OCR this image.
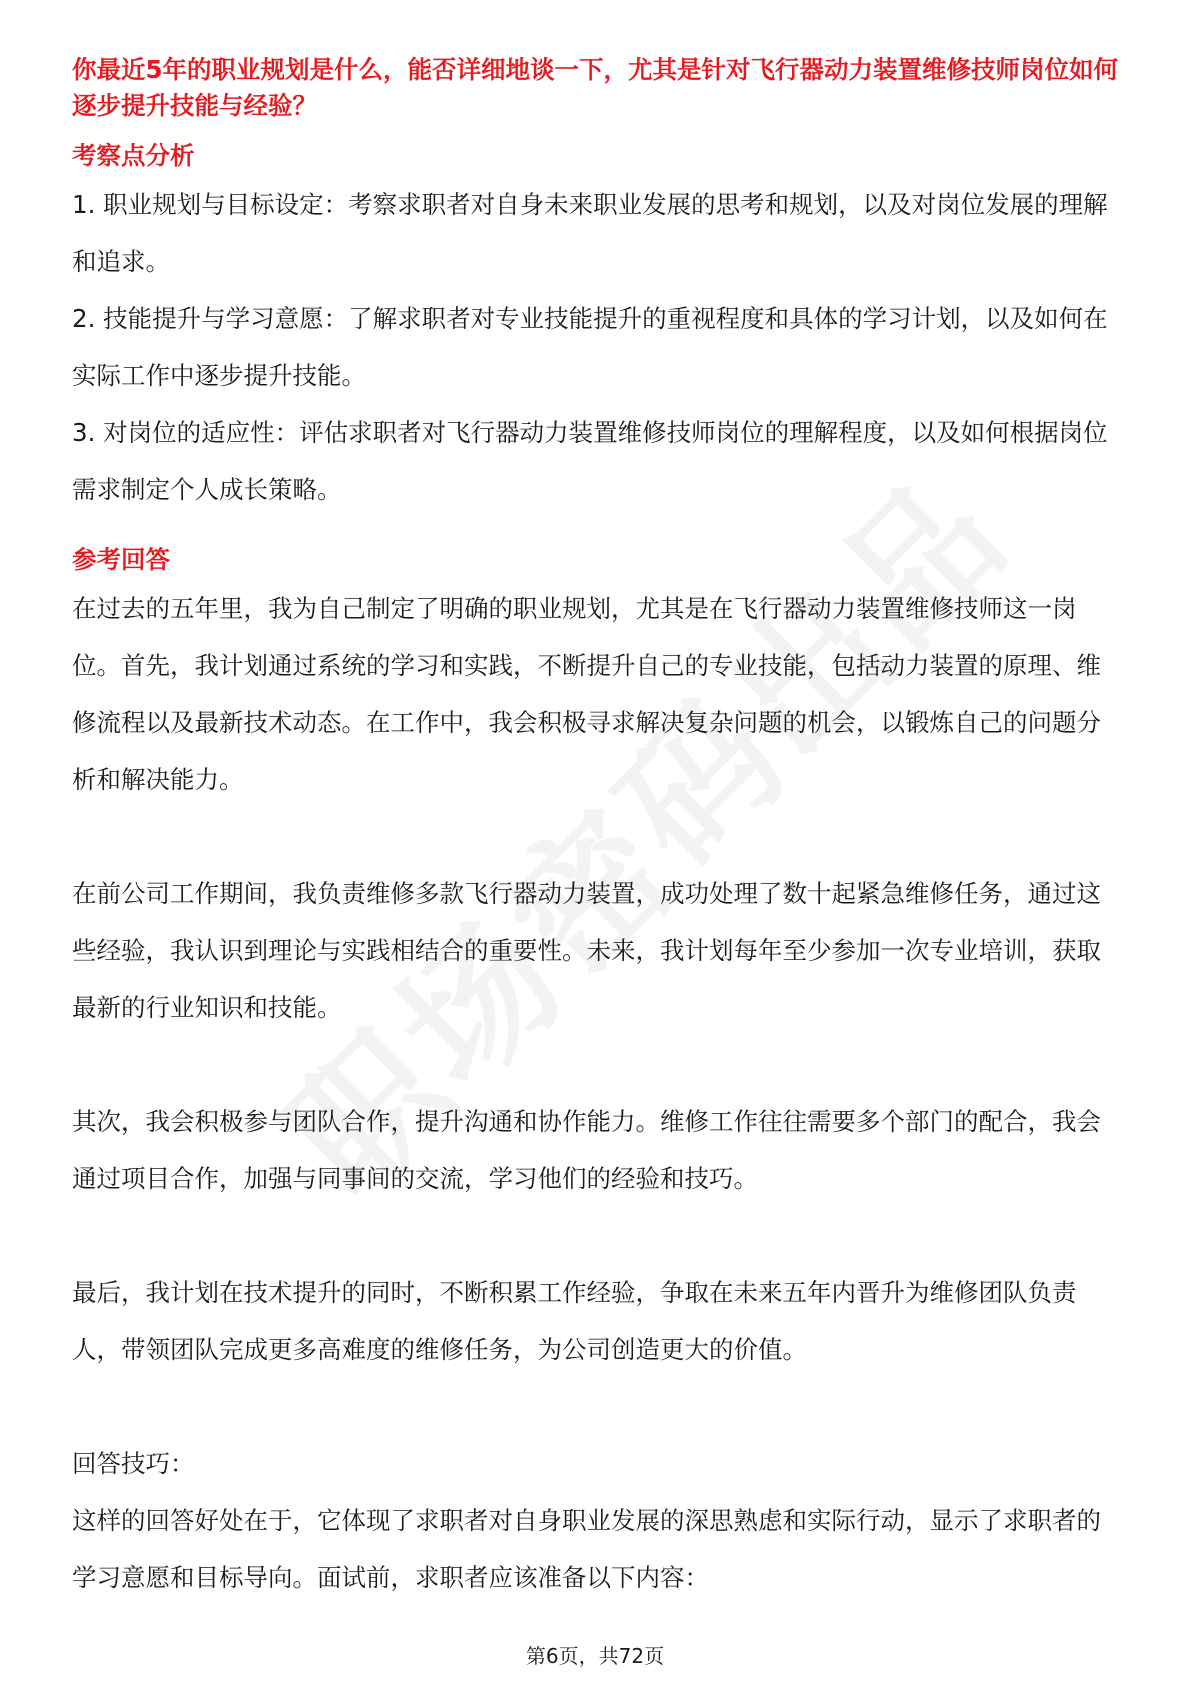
你最近5年的职业规划是什么，能否详细地谈一下，尤其是针对飞行器动力装置维修技师岗位如何逐步提升技能与经验？

考察点分析

1. 职业规划与目标设定：考察求职者对自身未来职业发展的思考和规划，以及对岗位发展的理解和追求。

2. 技能提升与学习意愿：了解求职者对专业技能提升的重视程度和具体的学习计划，以及如何在实际工作中逐步提升技能。

3. 对岗位的适应性：评估求职者对飞行器动力装置维修技师岗位的理解程度，以及如何根据岗位需求制定个人成长策略。

参考回答

在过去的五年里，我为自己制定了明确的职业规划，尤其是在飞行器动力装置维修技师这一岗位。首先，我计划通过系统的学习和实践，不断提升自己的专业技能，包括动力装置的原理、维修流程以及最新技术动态。在工作中，我会积极寻求解决复杂问题的机会，以锻炼自己的问题分析和解决能力。

在前公司工作期间，我负责维修多款飞行器动力装置，成功处理了数十起紧急维修任务，通过这些经验，我认识到理论与实践相结合的重要性。未来，我计划每年至少参加一次专业培训，获取最新的行业知识和技能。

其次，我会积极参与团队合作，提升沟通和协作能力。维修工作往往需要多个部门的配合，我会通过项目合作，加强与同事间的交流，学习他们的经验和技巧。

最后，我计划在技术提升的同时，不断积累工作经验，争取在未来五年内晋升为维修团队负责人，带领团队完成更多高难度的维修任务，为公司创造更大的价值。

回答技巧：

这样的回答好处在于，它体现了求职者对自身职业发展的深思熟虑和实际行动，显示了求职者的学习意愿和目标导向。面试前，求职者应该准备以下内容：

第6页，共72页
